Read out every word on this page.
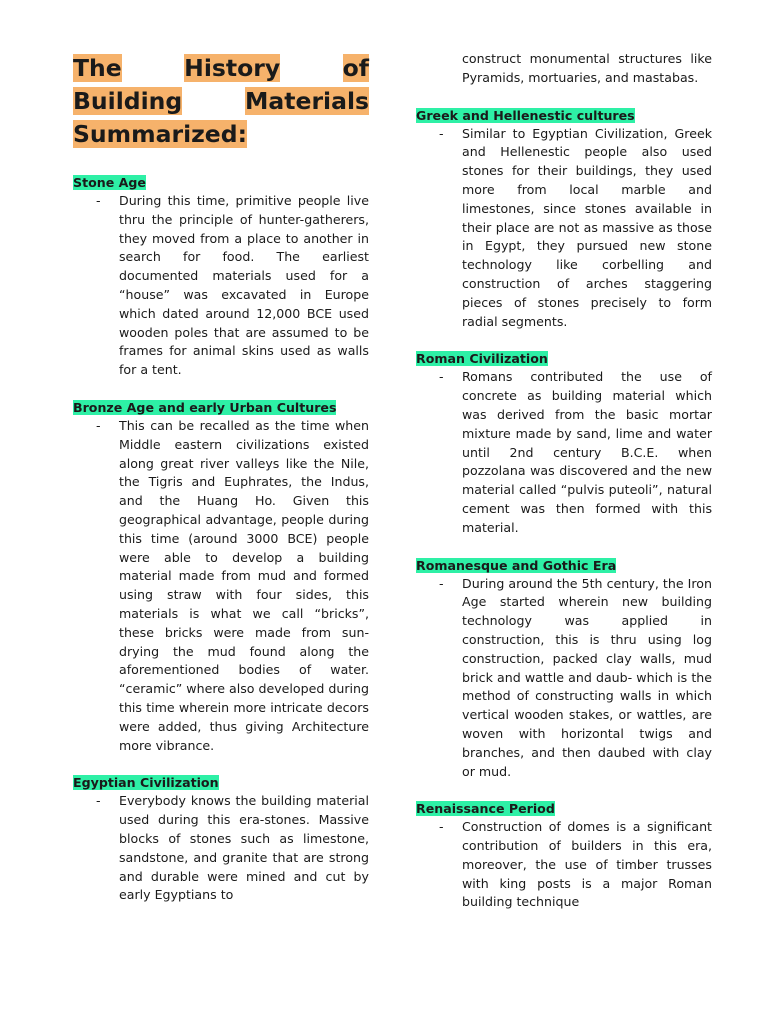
The	History	of Building	Materials
Summarized:
Stone Age
- During this time, primitive people live thru the principle of hunter-gatherers, they moved from a place to another in search for food. The earliest documented materials used for a “house” was excavated in Europe which dated around 12,000 BCE used wooden poles that are assumed to be frames for animal skins used as walls for a tent.

Bronze Age and early Urban Cultures
- This can be recalled as the time when Middle eastern civilizations existed along great river valleys like the Nile, the Tigris and Euphrates, the Indus, and the Huang Ho. Given this geographical advantage, people during this time (around 3000 BCE) people were able to develop a building material made from mud and formed using straw with four sides, this materials is what we call “bricks”, these bricks were made from sun-drying the mud found along the aforementioned bodies of water. “ceramic” where also developed during this time wherein more intricate decors were added, thus giving Architecture more vibrance.

Egyptian Civilization
- Everybody knows the building material used during this era-stones. Massive blocks of stones such as limestone, sandstone, and granite that are strong and durable were mined and cut by early Egyptians to

construct monumental structures like Pyramids, mortuaries, and mastabas.

Greek and Hellenestic cultures
- Similar to Egyptian Civilization, Greek and Hellenestic people also used stones for their buildings, they used more from local marble and limestones, since stones available in their place are not as massive as those in Egypt, they pursued new stone technology like corbelling and construction of arches staggering pieces of stones precisely to form radial segments.

Roman Civilization
- Romans contributed the use of concrete as building material which was derived from the basic mortar mixture made by sand, lime and water until 2nd century B.C.E. when pozzolana was discovered and the new material called “pulvis puteoli”, natural cement was then formed with this material.

Romanesque and Gothic Era
- During around the 5th century, the Iron Age started wherein new building technology was applied in construction, this is thru using log construction, packed clay walls, mud brick and wattle and daub- which is the method of constructing walls in which vertical wooden stakes, or wattles, are woven with horizontal twigs and branches, and then daubed with clay or mud.

Renaissance Period
- Construction of domes is a significant contribution of builders in this era, moreover, the use of timber trusses with king posts is a major Roman building technique
